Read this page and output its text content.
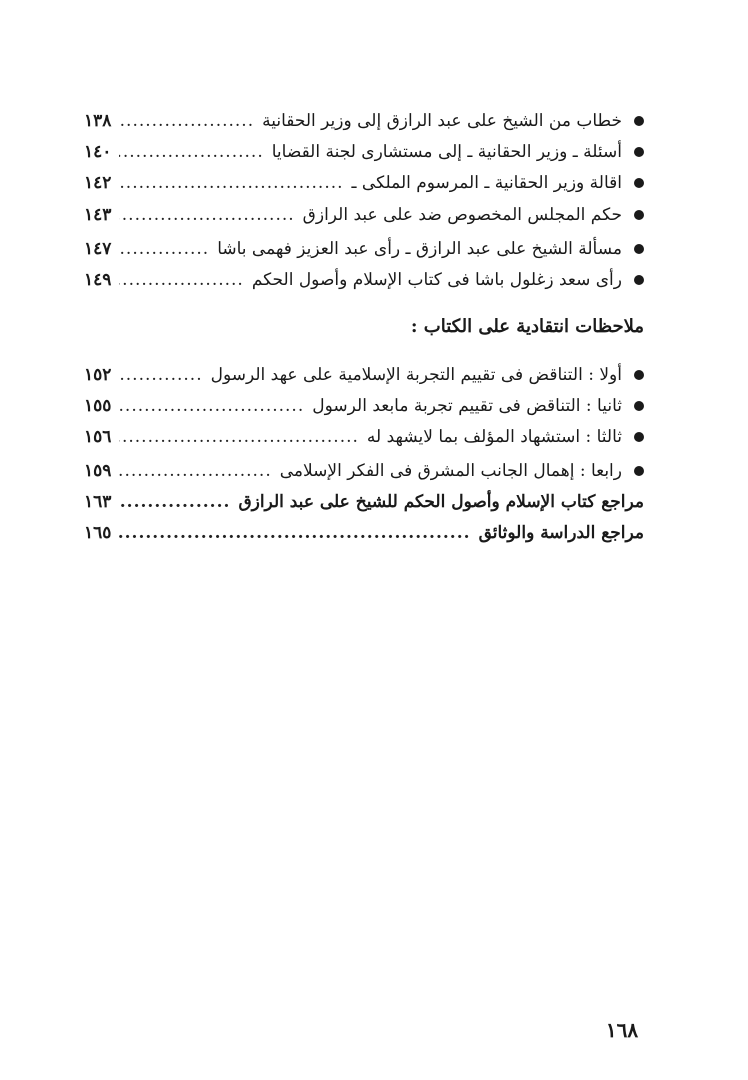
خطاب من الشيخ على عبد الرازق إلى وزير الحقانية
.....
١٣٨
أسئلة ـ وزير الحقانية ـ إلى مستشارى لجنة القضايا
.....
١٤٠
اقالة وزير الحقانية ـ المرسوم الملكى ـ
.....
١٤٢
حكم المجلس المخصوص ضد على عبد الرازق
.....
١٤٣
مسألة الشيخ على عبد الرازق ـ رأى عبد العزيز فهمى باشا
.....
١٤٧
رأى سعد زغلول باشا فى كتاب الإسلام وأصول الحكم
.....
١٤٩
ملاحظات انتقادية على الكتاب :
أولا : التناقض فى تقييم التجربة الإسلامية على عهد الرسول
.....
١٥٢
ثانيا : التناقض فى تقييم تجربة مابعد الرسول
.....
١٥٥
ثالثا : استشهاد المؤلف بما لايشهد له
.....
١٥٦
رابعا : إهمال الجانب المشرق فى الفكر الإسلامى
.....
١٥٩
مراجع كتاب الإسلام وأصول الحكم للشيخ على عبد الرازق
.....
١٦٣
مراجع الدراسة والوثائق
.....
١٦٥
١٦٨
